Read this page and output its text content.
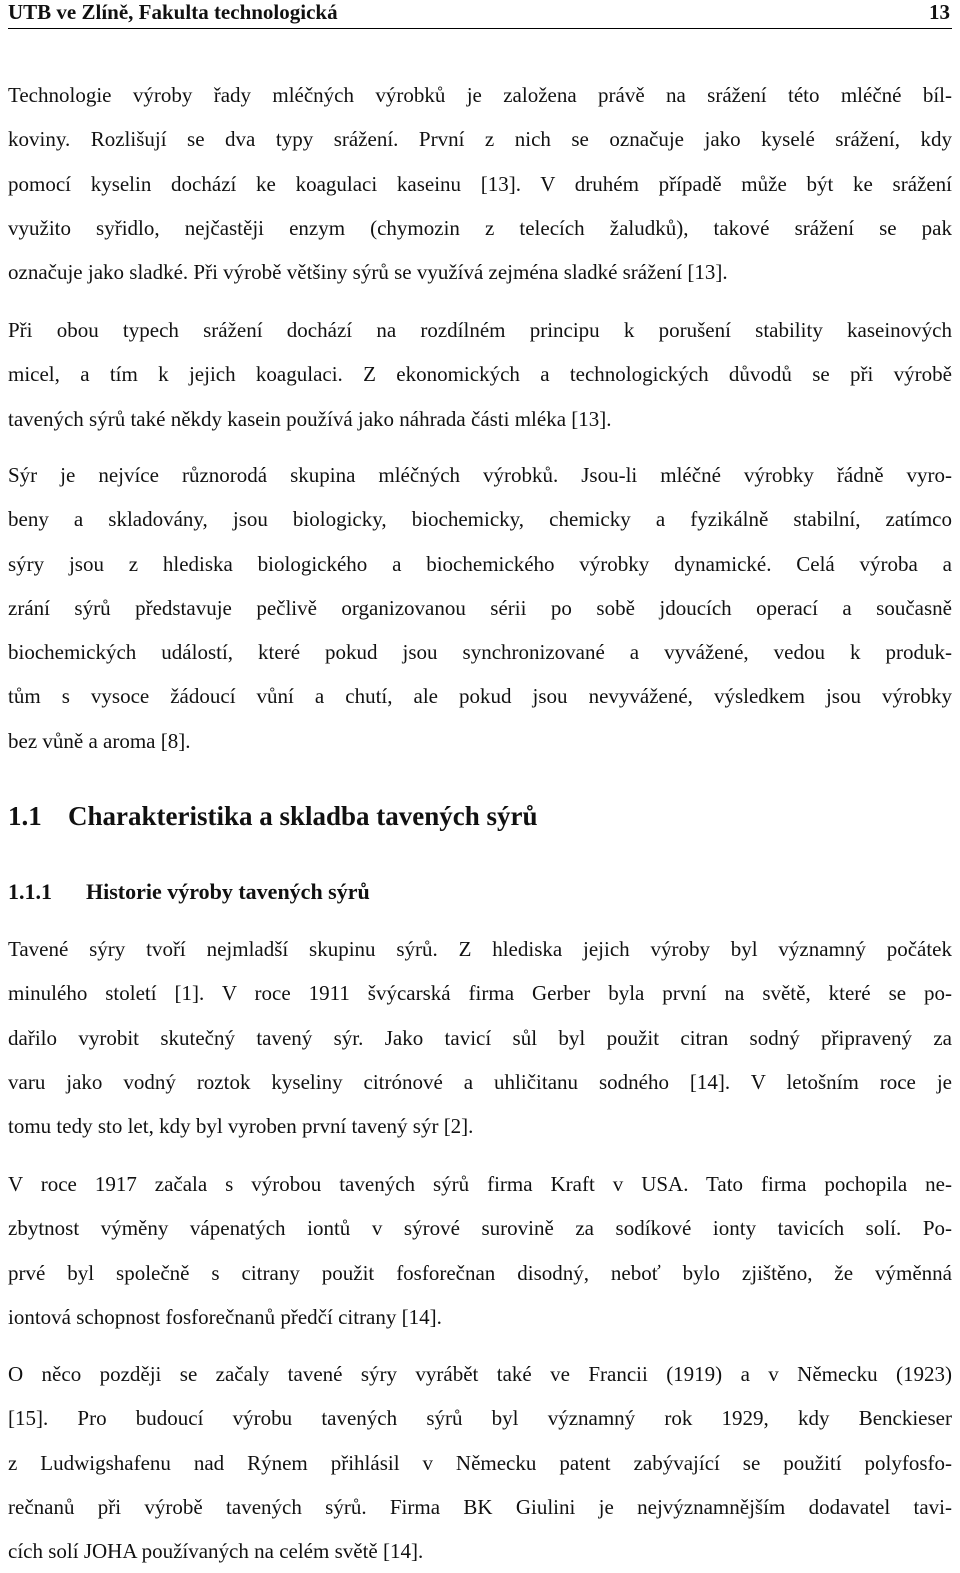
UTB ve Zlíně, Fakulta technologická	13

Technologie výroby řady mléčných výrobků je založena právě na srážení této mléčné bíl-
koviny. Rozlišují se dva typy srážení. První z nich se označuje jako kyselé srážení, kdy
pomocí kyselin dochází ke koagulaci kaseinu [13]. V druhém případě může být ke srážení
využito syřidlo, nejčastěji enzym (chymozin z telecích žaludků), takové srážení se pak
označuje jako sladké. Při výrobě většiny sýrů se využívá zejména sladké srážení [13].

Při obou typech srážení dochází na rozdílném principu k porušení stability kaseinových
micel, a tím k jejich koagulaci. Z ekonomických a technologických důvodů se při výrobě
tavených sýrů také někdy kasein používá jako náhrada části mléka [13].

Sýr je nejvíce různorodá skupina mléčných výrobků. Jsou-li mléčné výrobky řádně vyro-
beny a skladovány, jsou biologicky, biochemicky, chemicky a fyzikálně stabilní, zatímco
sýry jsou z hlediska biologického a biochemického výrobky dynamické. Celá výroba a
zrání sýrů představuje pečlivě organizovanou sérii po sobě jdoucích operací a současně
biochemických událostí, které pokud jsou synchronizované a vyvážené, vedou k produk-
tům s vysoce žádoucí vůní a chutí, ale pokud jsou nevyvážené, výsledkem jsou výrobky
bez vůně a aroma [8].

1.1 Charakteristika a skladba tavených sýrů
1.1.1 Historie výroby tavených sýrů

Tavené sýry tvoří nejmladší skupinu sýrů. Z hlediska jejich výroby byl významný počátek
minulého století [1]. V roce 1911 švýcarská firma Gerber byla první na světě, které se po-
dařilo vyrobit skutečný tavený sýr. Jako tavicí sůl byl použit citran sodný připravený za
varu jako vodný roztok kyseliny citrónové a uhličitanu sodného [14]. V letošním roce je
tomu tedy sto let, kdy byl vyroben první tavený sýr [2].

V roce 1917 začala s výrobou tavených sýrů firma Kraft v USA. Tato firma pochopila ne-
zbytnost výměny vápenatých iontů v sýrové surovině za sodíkové ionty tavicích solí. Po-
prvé byl společně s citrany použit fosforečnan disodný, neboť bylo zjištěno, že výměnná
iontová schopnost fosforečnanů předčí citrany [14].

O něco později se začaly tavené sýry vyrábět také ve Francii (1919) a v Německu (1923)
[15]. Pro budoucí výrobu tavených sýrů byl významný rok 1929, kdy Benckieser
z Ludwigshafenu nad Rýnem přihlásil v Německu patent zabývající se použití polyfosfo-
rečnanů při výrobě tavených sýrů. Firma BK Giulini je nejvýznamnějším dodavatel tavi-
cích solí JOHA používaných na celém světě [14].
